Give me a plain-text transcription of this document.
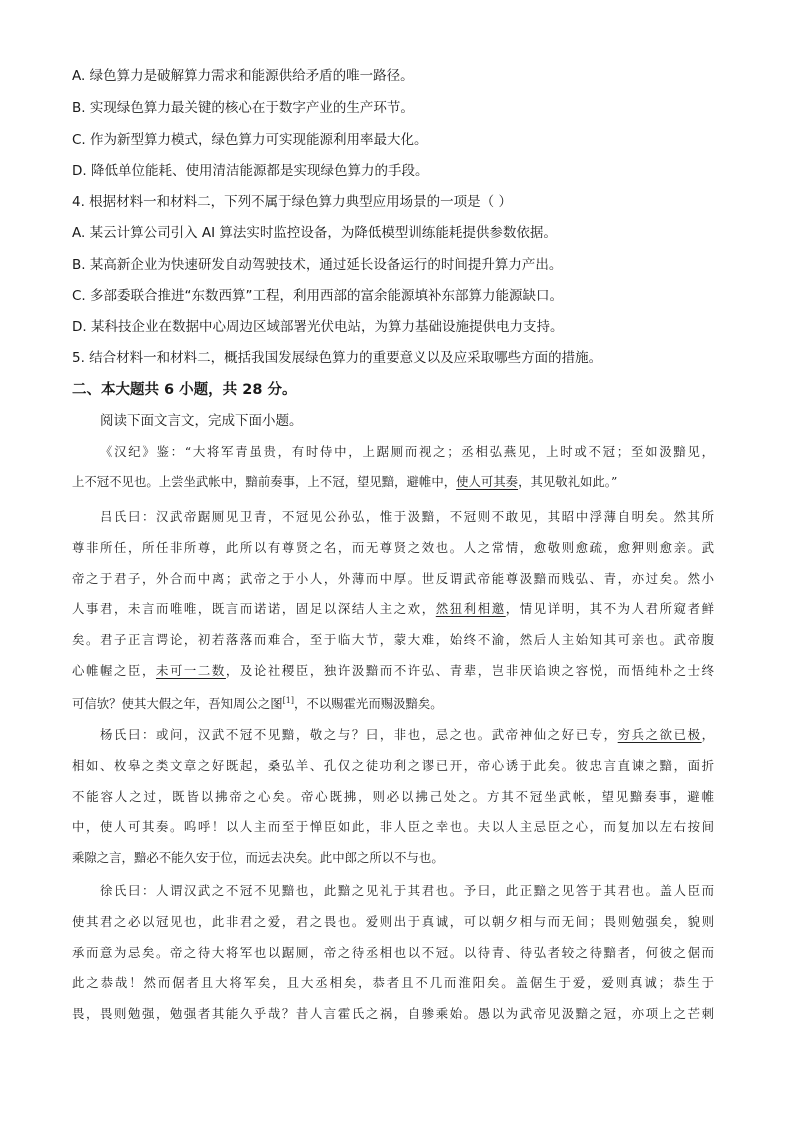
A. 绿色算力是破解算力需求和能源供给矛盾的唯一路径。
B. 实现绿色算力最关键的核心在于数字产业的生产环节。
C. 作为新型算力模式，绿色算力可实现能源利用率最大化。
D. 降低单位能耗、使用清洁能源都是实现绿色算力的手段。
4. 根据材料一和材料二，下列不属于绿色算力典型应用场景的一项是（ ）
A. 某云计算公司引入 AI 算法实时监控设备，为降低模型训练能耗提供参数依据。
B. 某高新企业为快速研发自动驾驶技术，通过延长设备运行的时间提升算力产出。
C. 多部委联合推进“东数西算”工程，利用西部的富余能源填补东部算力能源缺口。
D. 某科技企业在数据中心周边区域部署光伏电站，为算力基础设施提供电力支持。
5. 结合材料一和材料二，概括我国发展绿色算力的重要意义以及应采取哪些方面的措施。
二、本大题共 6 小题，共 28 分。
阅读下面文言文，完成下面小题。
《汉纪》鉴：“大将军青虽贵，有时侍中，上踞厕而视之；丞相弘燕见，上时或不冠；至如汲黯见，
上不冠不见也。上尝坐武帐中，黯前奏事，上不冠，望见黯，避帷中，使人可其奏，其见敬礼如此。”
吕氏曰：汉武帝踞厕见卫青，不冠见公孙弘，惟于汲黯，不冠则不敢见，其昭中浮薄自明矣。然其所
尊非所任，所任非所尊，此所以有尊贤之名，而无尊贤之效也。人之常情，愈敬则愈疏，愈狎则愈亲。武
帝之于君子，外合而中离；武帝之于小人，外薄而中厚。世反谓武帝能尊汲黯而贱弘、青，亦过矣。然小
人事君，未言而唯唯，既言而诺诺，固足以深结人主之欢，然狃利相邀，情见详明，其不为人君所窥者鲜
矣。君子正言谔论，初若落落而难合，至于临大节，蒙大难，始终不渝，然后人主始知其可亲也。武帝腹
心帷幄之臣，未可一二数，及论社稷臣，独许汲黯而不许弘、青辈，岂非厌谄谀之容悦，而悟纯朴之士终
可信欤？使其大假之年，吾知周公之图[1]，不以赐霍光而赐汲黯矣。
杨氏曰：或问，汉武不冠不见黯，敬之与？曰，非也，忌之也。武帝神仙之好已专，穷兵之欲已极，
相如、枚皋之类文章之好既起，桑弘羊、孔仅之徒功利之谬已开，帝心诱于此矣。彼忠言直谏之黯，面折
不能容人之过，既皆以拂帝之心矣。帝心既拂，则必以拂己处之。方其不冠坐武帐，望见黯奏事，避帷
中，使人可其奏。呜呼！以人主而至于惮臣如此，非人臣之幸也。夫以人主忌臣之心，而复加以左右按间
乘隙之言，黯必不能久安于位，而远去决矣。此中郎之所以不与也。
徐氏曰：人谓汉武之不冠不见黯也，此黯之见礼于其君也。予曰，此正黯之见答于其君也。盖人臣而
使其君之必以冠见也，此非君之爱，君之畏也。爱则出于真诚，可以朝夕相与而无间；畏则勉强矣，貌则
承而意为忌矣。帝之待大将军也以踞厕，帝之待丞相也以不冠。以待青、待弘者较之待黯者，何彼之倨而
此之恭哉！然而倨者且大将军矣，且大丞相矣，恭者且不几而淮阳矣。盖倨生于爱，爱则真诚；恭生于
畏，畏则勉强，勉强者其能久乎哉？昔人言霍氏之祸，自骖乘始。愚以为武帝见汲黯之冠，亦项上之芒刺
